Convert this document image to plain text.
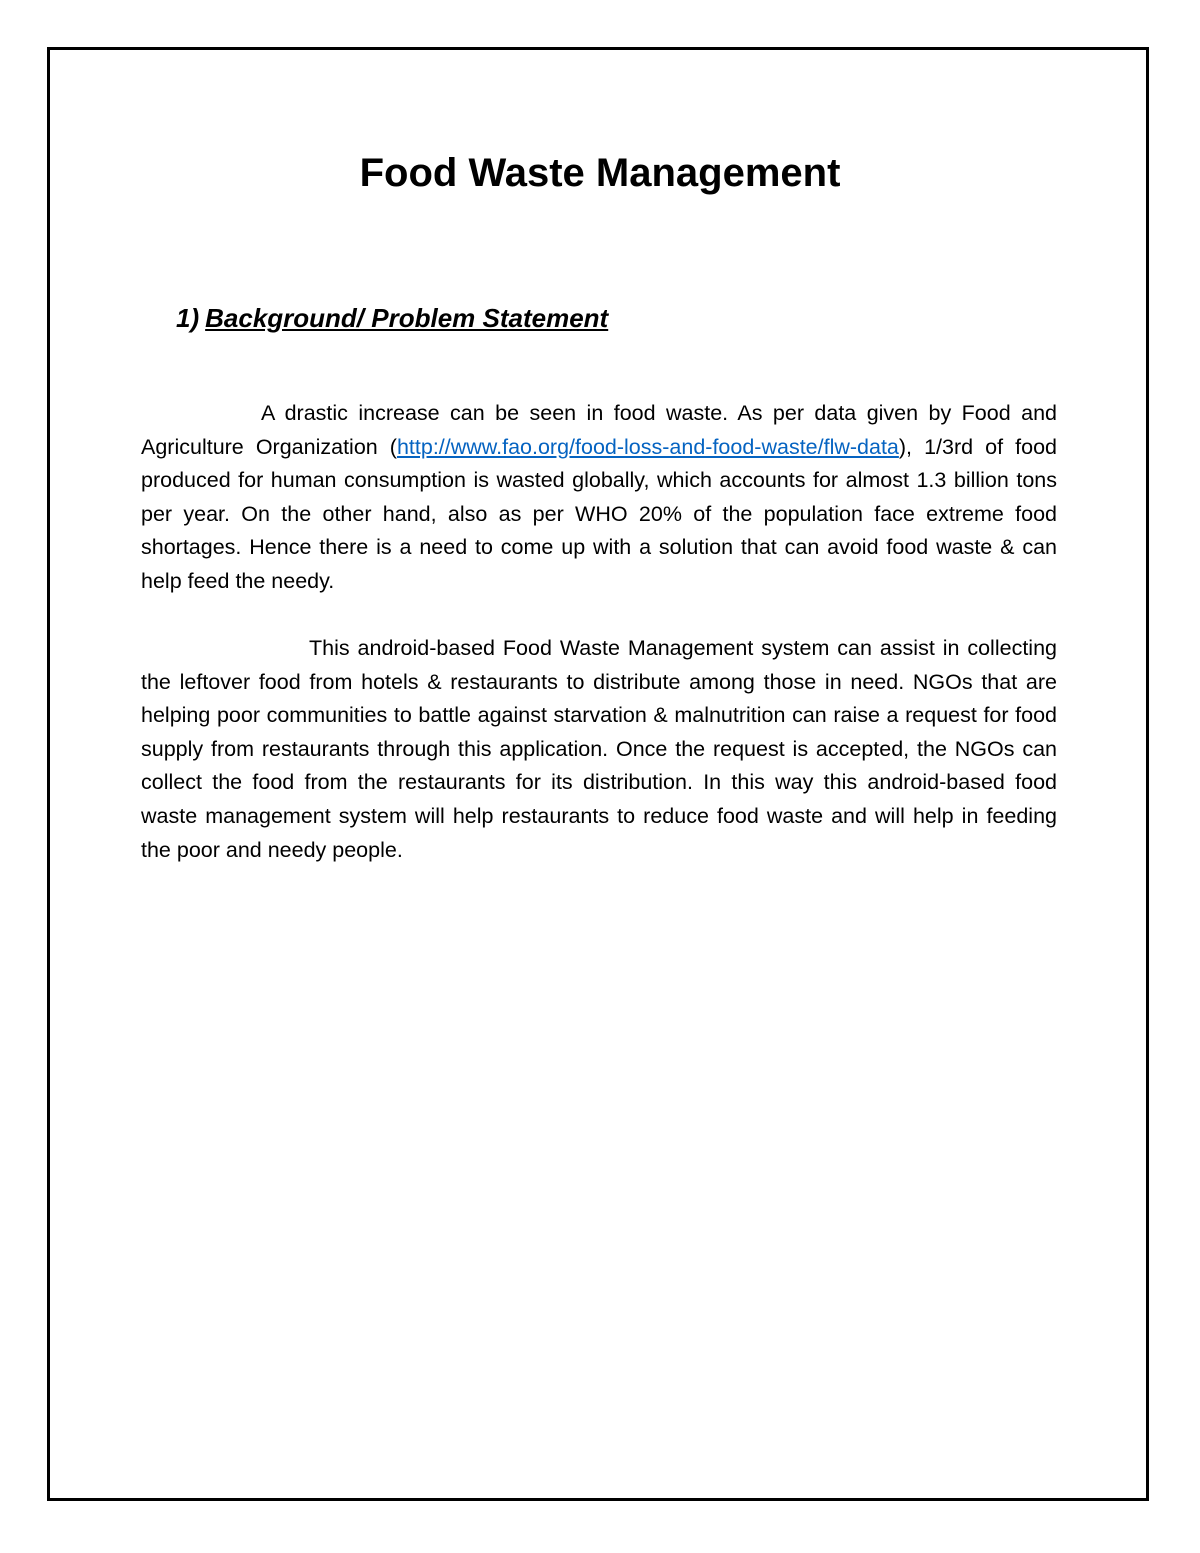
Food Waste Management
1) Background/ Problem Statement

A drastic increase can be seen in food waste. As per data given by Food and Agriculture Organization (http://www.fao.org/food-loss-and-food-waste/flw-data), 1/3rd of food produced for human consumption is wasted globally, which accounts for almost 1.3 billion tons per year. On the other hand, also as per WHO 20% of the population face extreme food shortages. Hence there is a need to come up with a solution that can avoid food waste & can help feed the needy.

This android-based Food Waste Management system can assist in collecting the leftover food from hotels & restaurants to distribute among those in need. NGOs that are helping poor communities to battle against starvation & malnutrition can raise a request for food supply from restaurants through this application. Once the request is accepted, the NGOs can collect the food from the restaurants for its distribution. In this way this android-based food waste management system will help restaurants to reduce food waste and will help in feeding the poor and needy people.
